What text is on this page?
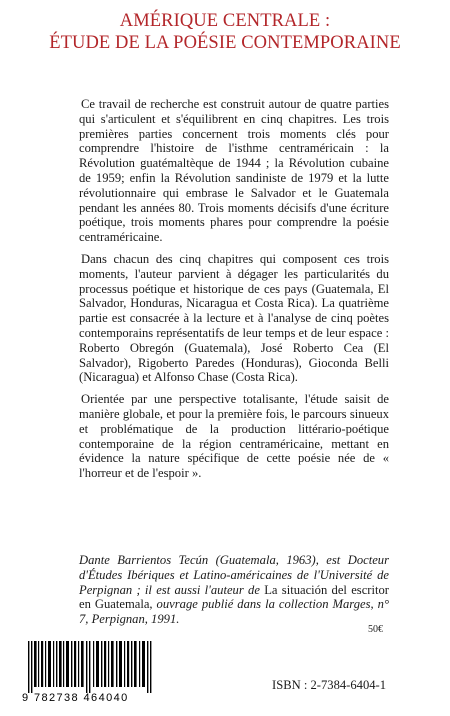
AMÉRIQUE CENTRALE :
ÉTUDE DE LA POÉSIE CONTEMPORAINE

Ce travail de recherche est construit autour de quatre parties qui s'articulent et s'équilibrent en cinq chapitres. Les trois premières parties concernent trois moments clés pour comprendre l'histoire de l'isthme centraméricain : la Révolution guatémaltèque de 1944 ; la Révolution cubaine de 1959; enfin la Révolution sandiniste de 1979 et la lutte révolutionnaire qui embrase le Salvador et le Guatemala pendant les années 80. Trois moments décisifs d'une écriture poétique, trois moments phares pour comprendre la poésie centraméricaine.

Dans chacun des cinq chapitres qui composent ces trois moments, l'auteur parvient à dégager les particularités du processus poétique et historique de ces pays (Guatemala, El Salvador, Honduras, Nicaragua et Costa Rica). La quatrième partie est consacrée à la lecture et à l'analyse de cinq poètes contemporains représentatifs de leur temps et de leur espace : Roberto Obregón (Guatemala), José Roberto Cea (El Salvador), Rigoberto Paredes (Honduras), Gioconda Belli (Nicaragua) et Alfonso Chase (Costa Rica).

Orientée par une perspective totalisante, l'étude saisit de manière globale, et pour la première fois, le parcours sinueux et problématique de la production littérario-poétique contemporaine de la région centraméricaine, mettant en évidence la nature spécifique de cette poésie née de « l'horreur et de l'espoir ».

Dante Barrientos Tecún (Guatemala, 1963), est Docteur d'Études Ibériques et Latino-américaines de l'Université de Perpignan ; il est aussi l'auteur de La situación del escritor en Guatemala, ouvrage publié dans la collection Marges, n° 7, Perpignan, 1991.
50€
9 782738 464040
ISBN : 2-7384-6404-1
